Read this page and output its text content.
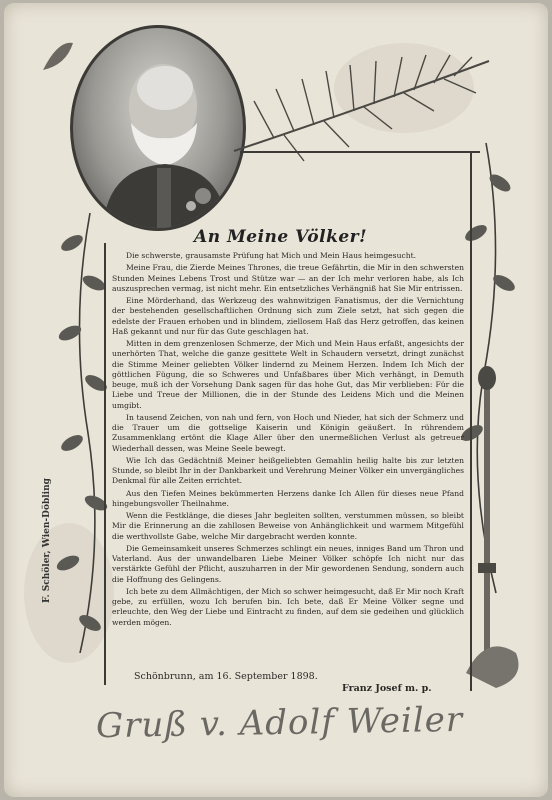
An Meine Völker!

Die schwerste, grausamste Prüfung hat Mich und Mein Haus heimgesucht.

Meine Frau, die Zierde Meines Thrones, die treue Gefährtin, die Mir in den schwersten Stunden Meines Lebens Trost und Stütze war — an der Ich mehr verloren habe, als Ich auszusprechen vermag, ist nicht mehr. Ein entsetzliches Verhängniß hat Sie Mir entrissen.

Eine Mörderhand, das Werkzeug des wahnwitzigen Fanatismus, der die Vernichtung der bestehenden gesellschaftlichen Ordnung sich zum Ziele setzt, hat sich gegen die edelste der Frauen erhoben und in blindem, ziellosem Haß das Herz getroffen, das keinen Haß gekannt und nur für das Gute geschlagen hat.

Mitten in dem grenzenlosen Schmerze, der Mich und Mein Haus erfaßt, angesichts der unerhörten That, welche die ganze gesittete Welt in Schaudern versetzt, dringt zunächst die Stimme Meiner geliebten Völker lindernd zu Meinem Herzen. Indem Ich Mich der göttlichen Fügung, die so Schweres und Unfaßbares über Mich verhängt, in Demuth beuge, muß ich der Vorsehung Dank sagen für das hohe Gut, das Mir verblieben: Für die Liebe und Treue der Millionen, die in der Stunde des Leidens Mich und die Meinen umgibt.

In tausend Zeichen, von nah und fern, von Hoch und Nieder, hat sich der Schmerz und die Trauer um die gottselige Kaiserin und Königin geäußert. In rührendem Zusammenklang ertönt die Klage Aller über den unermeßlichen Verlust als getreuer Wiederhall dessen, was Meine Seele bewegt.

Wie Ich das Gedächtniß Meiner heißgeliebten Gemahlin heilig halte bis zur letzten Stunde, so bleibt Ihr in der Dankbarkeit und Verehrung Meiner Völker ein unvergängliches Denkmal für alle Zeiten errichtet.

Aus den Tiefen Meines bekümmerten Herzens danke Ich Allen für dieses neue Pfand hingebungsvoller Theilnahme.

Wenn die Festklänge, die dieses Jahr begleiten sollten, verstummen müssen, so bleibt Mir die Erinnerung an die zahllosen Beweise von Anhänglichkeit und warmem Mitgefühl die werthvollste Gabe, welche Mir dargebracht werden konnte.

Die Gemeinsamkeit unseres Schmerzes schlingt ein neues, inniges Band um Thron und Vaterland. Aus der unwandelbaren Liebe Meiner Völker schöpfe Ich nicht nur das verstärkte Gefühl der Pflicht, auszuharren in der Mir gewordenen Sendung, sondern auch die Hoffnung des Gelingens.

Ich bete zu dem Allmächtigen, der Mich so schwer heimgesucht, daß Er Mir noch Kraft gebe, zu erfüllen, wozu Ich berufen bin. Ich bete, daß Er Meine Völker segne und erleuchte, den Weg der Liebe und Eintracht zu finden, auf dem sie gedeihen und glücklich werden mögen.

Schönbrunn, am 16. September 1898.
Franz Josef m. p.
F. Schöler, Wien-Döbling
Gruß v. Adolf Weiler
